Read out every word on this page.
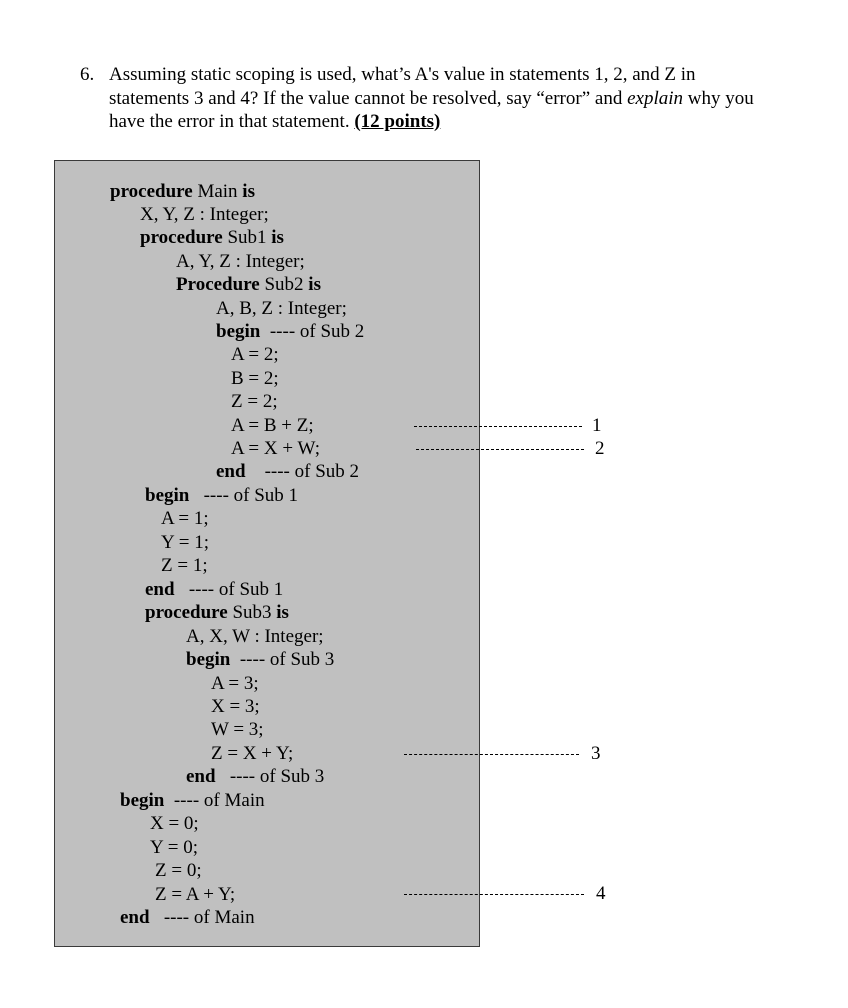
6. Assuming static scoping is used, what’s A's value in statements 1, 2, and Z in
statements 3 and 4? If the value cannot be resolved, say “error” and explain why you
have the error in that statement. (12 points)
procedure Main is
X, Y, Z : Integer;
procedure Sub1 is
A, Y, Z : Integer;
Procedure Sub2 is
A, B, Z : Integer;
begin  ---- of Sub 2
A = 2;
B = 2;
Z = 2;
A = B + Z;
A = X + W;
end    ---- of Sub 2
begin   ---- of Sub 1
A = 1;
Y = 1;
Z = 1;
end   ---- of Sub 1
procedure Sub3 is
A, X, W : Integer;
begin  ---- of Sub 3
A = 3;
X = 3;
W = 3;
Z = X + Y;
end   ---- of Sub 3
begin  ---- of Main
X = 0;
Y = 0;
Z = 0;
Z = A + Y;
end   ---- of Main
1
2
3
4
